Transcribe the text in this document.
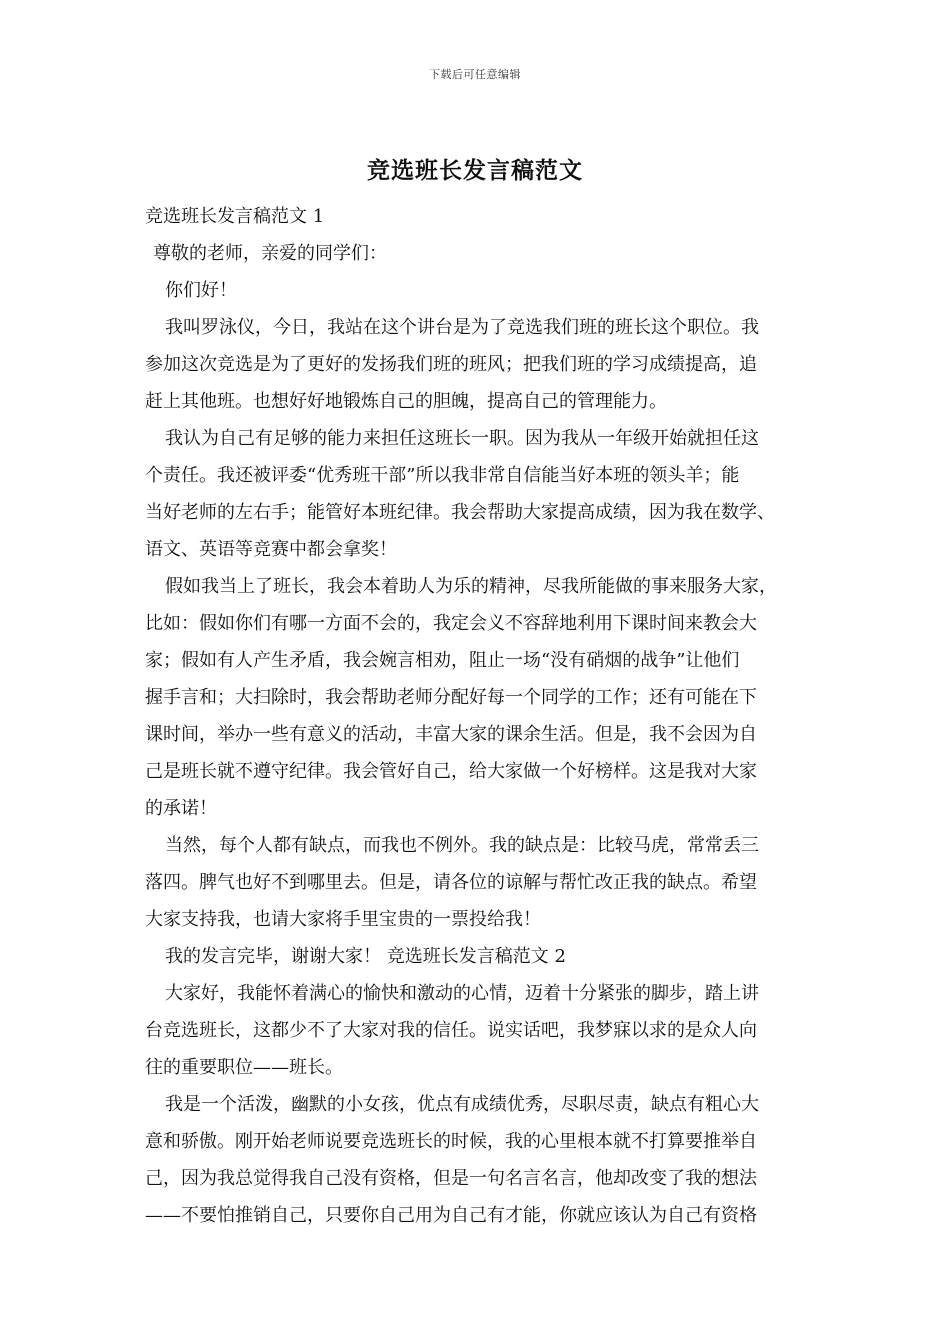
下载后可任意编辑
竞选班长发言稿范文

竞选班长发言稿范文 1

尊敬的老师，亲爱的同学们：

你们好！

我叫罗泳仪，今日，我站在这个讲台是为了竞选我们班的班长这个职位。我
参加这次竞选是为了更好的发扬我们班的班风；把我们班的学习成绩提高，追
赶上其他班。也想好好地锻炼自己的胆魄，提高自己的管理能力。

我认为自己有足够的能力来担任这班长一职。因为我从一年级开始就担任这
个责任。我还被评委“优秀班干部”所以我非常自信能当好本班的领头羊；能
当好老师的左右手；能管好本班纪律。我会帮助大家提高成绩，因为我在数学、
语文、英语等竞赛中都会拿奖！

假如我当上了班长，我会本着助人为乐的精神，尽我所能做的事来服务大家，
比如：假如你们有哪一方面不会的，我定会义不容辞地利用下课时间来教会大
家；假如有人产生矛盾，我会婉言相劝，阻止一场“没有硝烟的战争”让他们
握手言和；大扫除时，我会帮助老师分配好每一个同学的工作；还有可能在下
课时间，举办一些有意义的活动，丰富大家的课余生活。但是，我不会因为自
己是班长就不遵守纪律。我会管好自己，给大家做一个好榜样。这是我对大家
的承诺！

当然，每个人都有缺点，而我也不例外。我的缺点是：比较马虎，常常丢三
落四。脾气也好不到哪里去。但是，请各位的谅解与帮忙改正我的缺点。希望
大家支持我，也请大家将手里宝贵的一票投给我！

我的发言完毕，谢谢大家！ 竞选班长发言稿范文 2

大家好，我能怀着满心的愉快和激动的心情，迈着十分紧张的脚步，踏上讲
台竞选班长，这都少不了大家对我的信任。说实话吧，我梦寐以求的是众人向
往的重要职位——班长。

我是一个活泼，幽默的小女孩，优点有成绩优秀，尽职尽责，缺点有粗心大
意和骄傲。刚开始老师说要竞选班长的时候，我的心里根本就不打算要推举自
己，因为我总觉得我自己没有资格，但是一句名言名言，他却改变了我的想法
——不要怕推销自己，只要你自己用为自己有才能，你就应该认为自己有资格
